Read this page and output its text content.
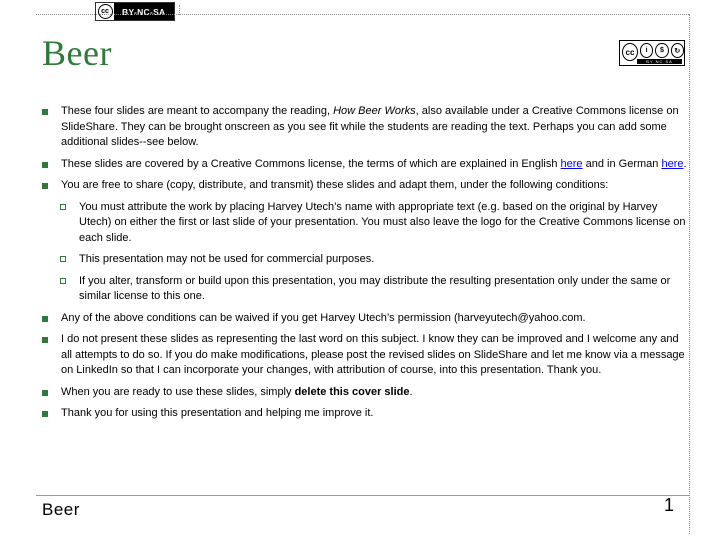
cc	BY-NC-SA
Beer	cc	i	$	↻
BY NC SA
These four slides are meant to accompany the reading, How Beer Works, also available under a Creative Commons license on SlideShare. They can be brought onscreen as you see fit while the students are reading the text. Perhaps you can add some additional slides--see below.
These slides are covered by a Creative Commons license, the terms of which are explained in English here and in German here.
You are free to share (copy, distribute, and transmit) these slides and adapt them, under the following conditions:
You must attribute the work by placing Harvey Utech’s name with appropriate text (e.g. based on the original by Harvey Utech) on either the first or last slide of your presentation. You must also leave the logo for the Creative Commons license on each slide.
This presentation may not be used for commercial purposes.
If you alter, transform or build upon this presentation, you may distribute the resulting presentation only under the same or similar license to this one.
Any of the above conditions can be waived if you get Harvey Utech’s permission (harveyutech@yahoo.com.
I do not present these slides as representing the last word on this subject. I know they can be improved and I welcome any and all attempts to do so. If you do make modifications, please post the revised slides on SlideShare and let me know via a message on LinkedIn so that I can incorporate your changes, with attribution of course, into this presentation. Thank you.
When you are ready to use these slides, simply delete this cover slide.
Thank you for using this presentation and helping me improve it.
Beer	1
